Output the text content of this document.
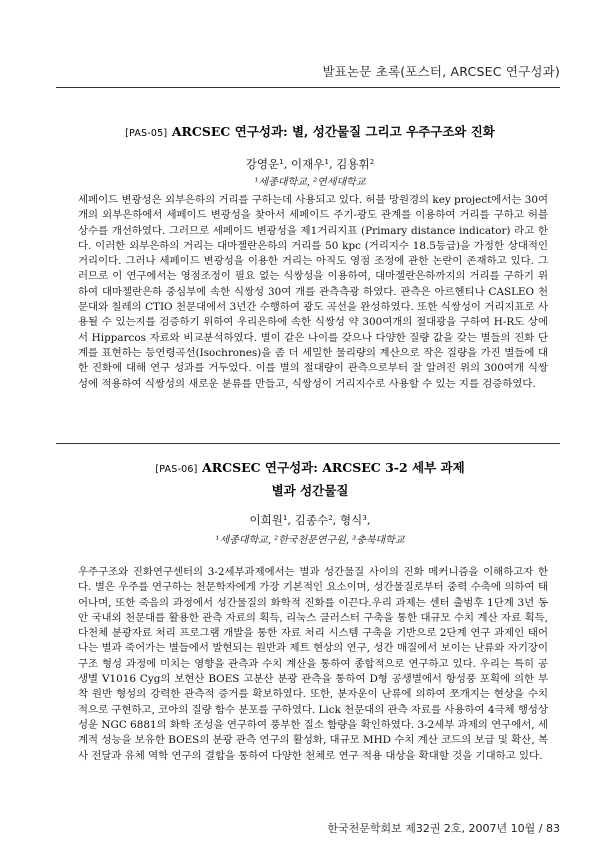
발표논문 초록(포스터, ARCSEC 연구성과)
[PAS-05] ARCSEC 연구성과: 별, 성간물질 그리고 우주구조와 진화
강영운¹, 이재우¹, 김용휘²
¹세종대학교, ²연세대학교

세페이드 변광성은 외부은하의 거리를 구하는데 사용되고 있다. 허블 망원경의 key project에서는 30여개의 외부은하에서 세페이드 변광성을 찾아서 세페이드 주기-광도 관계를 이용하여 거리를 구하고 허블 상수를 개선하였다. 그러므로 세페이드 변광성을 제1거리지표 (Primary distance indicator) 라고 한다. 이러한 외부은하의 거리는 대마젤란은하의 거리를 50 kpc (거리지수 18.5등급)을 가정한 상대적인 거리이다. 그러나 세페이드 변광성을 이용한 거리는 아직도 영점 조정에 관한 논란이 존재하고 있다. 그러므로 이 연구에서는 영점조정이 필요 없는 식쌍성을 이용하여, 대마젤란은하까지의 거리를 구하기 위하여 대마젤란은하 중심부에 속한 식쌍성 30여 개를 관측측광 하였다. 관측은 아르헨티나 CASLEO 천문대와 칠레의 CTIO 천문대에서 3년간 수행하여 광도 곡선을 완성하였다. 또한 식쌍성이 거리지표로 사용될 수 있는지를 검증하기 위하여 우리은하에 속한 식쌍성 약 300여개의 절대광을 구하여 H-R도 상에서 Hipparcos 자료와 비교분석하였다. 별이 같은 나이를 갖으나 다양한 질량 값을 갖는 별들의 진화 단계를 표현하는 등연령곡선(Isochrones)을 좀 더 세밀한 물리량의 계산으로 작은 질량을 가진 별들에 대한 진화에 대해 연구 성과를 거두었다. 이를 별의 절대량이 관측으로부터 잘 알려진 위의 300여개 식쌍성에 적용하여 식쌍성의 새로운 분류를 만들고, 식쌍성이 거리지수로 사용할 수 있는 지를 검증하였다.

[PAS-06] ARCSEC 연구성과: ARCSEC 3-2 세부 과제
별과 성간물질
이희원¹, 김종수², 형식³,
¹세종대학교, ²한국천문연구원, ³충북대학교

우주구조와 진화연구센터의 3-2세부과제에서는 별과 성간물질 사이의 진화 메커니즘을 이해하고자 한다. 별은 우주를 연구하는 천문학자에게 가장 기본적인 요소이며, 성간물질로부터 중력 수축에 의하여 태어나며, 또한 죽음의 과정에서 성간물질의 화학적 진화를 이끈다.우리 과제는 센터 출범후 1단계 3년 동안 국내외 천문대를 활용한 관측 자료의 획득, 리눅스 클러스터 구축을 통한 대규모 수치 계산 자료 획득, 다천체 분광자료 처리 프로그램 개발을 통한 자료 처리 시스템 구축을 기반으로 2단계 연구 과제인 태어나는 별과 죽어가는 별들에서 발현되는 원반과 제트 현상의 연구, 성간 매질에서 보이는 난류와 자기장이 구조 형성 과정에 미치는 영향을 관측과 수치 계산을 통하여 종합적으로 연구하고 있다. 우리는 특히 공생별 V1016 Cyg의 보현산 BOES 고분산 분광 관측을 통하여 D형 공생별에서 항성풍 포획에 의한 부착 원반 형성의 강력한 관측적 증거를 확보하였다. 또한, 분자운이 난류에 의하여 쪼개지는 현상을 수치적으로 구현하고, 코아의 질량 함수 분포를 구하였다. Lick 천문대의 관측 자료를 사용하여 4극체 행성상성운 NGC 6881의 화학 조성을 연구하여 풍부한 질소 함량을 확인하였다. 3-2세부 과제의 연구에서, 세계적 성능을 보유한 BOES의 분광 관측 연구의 활성화, 대규모 MHD 수치 계산 코드의 보급 및 확산, 복사 전달과 유체 역학 연구의 결합을 통하여 다양한 천체로 연구 적용 대상을 확대할 것을 기대하고 있다.

한국천문학회보 제32권 2호, 2007년 10월 / 83
